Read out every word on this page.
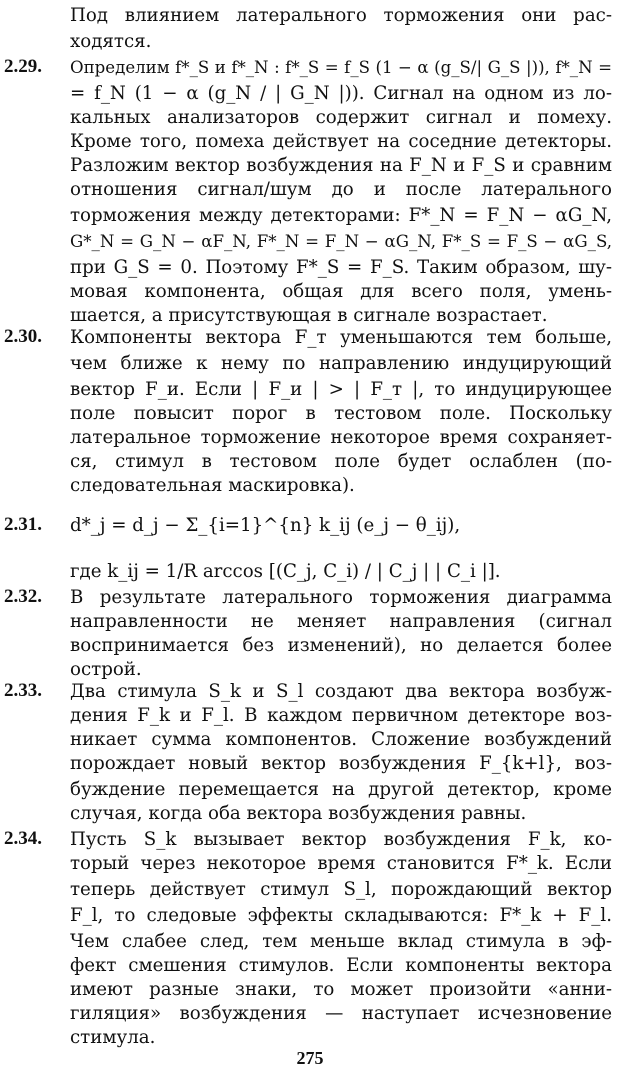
Под влиянием латерального торможения они рас-
ходятся.
2.29. Определим f*_S и f*_N : f*_S = f_S (1 − α (g_S/| G_S |)), f*_N =
= f_N (1 − α (g_N / | G_N |)). Сигнал на одном из ло-
кальных анализаторов содержит сигнал и помеху.
Кроме того, помеха действует на соседние детекторы.
Разложим вектор возбуждения на F_N и F_S и сравним
отношения сигнал/шум до и после латерального
торможения между детекторами: F*_N = F_N − αG_N,
G*_N = G_N − αF_N, F*_N = F_N − αG_N, F*_S = F_S − αG_S,
при G_S = 0. Поэтому F*_S = F_S. Таким образом, шу-
мовая компонента, общая для всего поля, умень-
шается, а присутствующая в сигнале возрастает.
2.30. Компоненты вектора F_т уменьшаются тем больше,
чем ближе к нему по направлению индуцирующий
вектор F_и. Если | F_и | > | F_т |, то индуцирующее
поле повысит порог в тестовом поле. Поскольку
латеральное торможение некоторое время сохраняет-
ся, стимул в тестовом поле будет ослаблен (по-
следовательная маскировка).
2.31. d*_j = d_j − Σ_{i=1}^{n} k_ij (e_j − θ_ij),
где k_ij = 1/R arccos [(C_j, C_i) / | C_j | | C_i |].
2.32. В результате латерального торможения диаграмма
направленности не меняет направления (сигнал
воспринимается без изменений), но делается более
острой.
2.33. Два стимула S_k и S_l создают два вектора возбуж-
дения F_k и F_l. В каждом первичном детекторе воз-
никает сумма компонентов. Сложение возбуждений
порождает новый вектор возбуждения F_{k+l}, воз-
буждение перемещается на другой детектор, кроме
случая, когда оба вектора возбуждения равны.
2.34. Пусть S_k вызывает вектор возбуждения F_k, ко-
торый через некоторое время становится F*_k. Если
теперь действует стимул S_l, порождающий вектор
F_l, то следовые эффекты складываются: F*_k + F_l.
Чем слабее след, тем меньше вклад стимула в эф-
фект смешения стимулов. Если компоненты вектора
имеют разные знаки, то может произойти «анни-
гиляция» возбуждения — наступает исчезновение
стимула.
275
